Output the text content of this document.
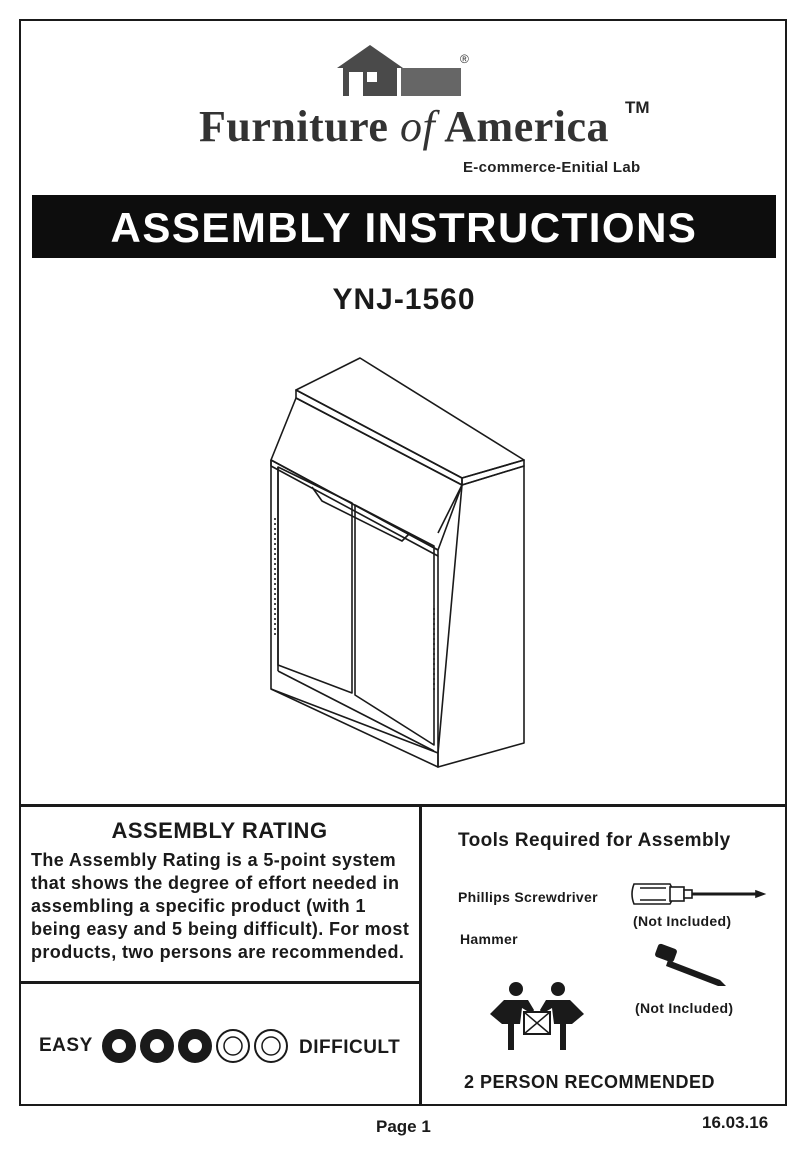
®
Furniture of America TM
E-commerce-Enitial Lab
ASSEMBLY INSTRUCTIONS
YNJ-1560
ASSEMBLY RATING
The Assembly Rating is a 5-point system that shows the degree of effort needed in assembling a specific product (with 1 being easy and 5 being difficult). For most products, two persons are recommended.
EASY	DIFFICULT
Tools Required for Assembly
Phillips Screwdriver
(Not Included)
Hammer
(Not Included)
2 PERSON RECOMMENDED
Page 1	16.03.16
